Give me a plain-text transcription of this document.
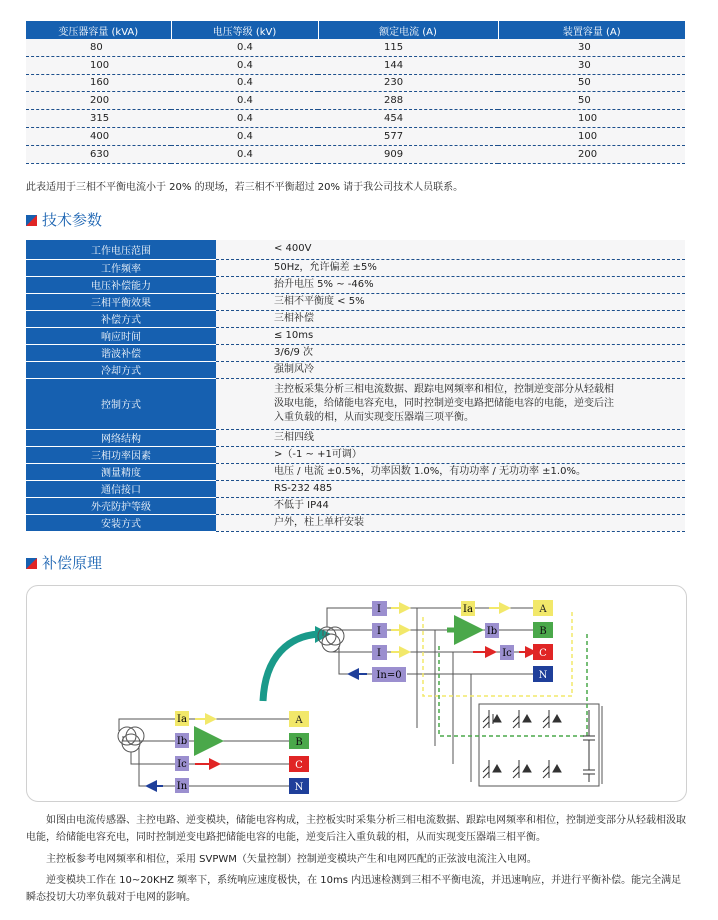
变压器容量 (kVA)	电压等级 (kV)	额定电流 (A)	装置容量 (A)
80	0.4	115	30
100	0.4	144	30
160	0.4	230	50
200	0.4	288	50
315	0.4	454	100
400	0.4	577	100
630	0.4	909	200
此表适用于三相不平衡电流小于 20% 的现场，若三相不平衡超过 20% 请于我公司技术人员联系。
技术参数
工作电压范围	< 400V
工作频率	50Hz，允许偏差 ±5%
电压补偿能力	抬升电压 5% ~ -46%
三相平衡效果	三相不平衡度 < 5%
补偿方式	三相补偿
响应时间	≤ 10ms
谐波补偿	3/6/9 次
冷却方式	强制风冷
控制方式	主控板采集分析三相电流数据、跟踪电网频率和相位，控制逆变部分从轻载相汲取电能，给储能电容充电，同时控制逆变电路把储能电容的电能，逆变后注入重负载的相，从而实现变压器端三项平衡。
网络结构	三相四线
三相功率因素	>（-1 ~ +1可调）
测量精度	电压 / 电流 ±0.5%，功率因数 1.0%，有功功率 / 无功功率 ±1.0%。
通信接口	RS-232 485
外壳防护等级	不低于 IP44
安装方式	户外，柱上单杆安装
补偿原理
Ia
Ib
Ic
In
A
B
C
N
I
I
I
In=0
Ia
Ib
Ic
A
B
C
N
如图由电流传感器、主控电路、逆变模块，储能电容构成，主控板实时采集分析三相电流数据、跟踪电网频率和相位，控制逆变部分从轻载相汲取电能，给储能电容充电，同时控制逆变电路把储能电容的电能，逆变后注入重负载的相，从而实现变压器端三相平衡。
主控板参考电网频率和相位，采用 SVPWM（矢量控制）控制逆变模块产生和电网匹配的正弦波电流注入电网。
逆变模块工作在 10~20KHZ 频率下，系统响应速度极快，在 10ms 内迅速检测到三相不平衡电流，并迅速响应，并进行平衡补偿。能完全满足瞬态投切大功率负载对于电网的影响。
